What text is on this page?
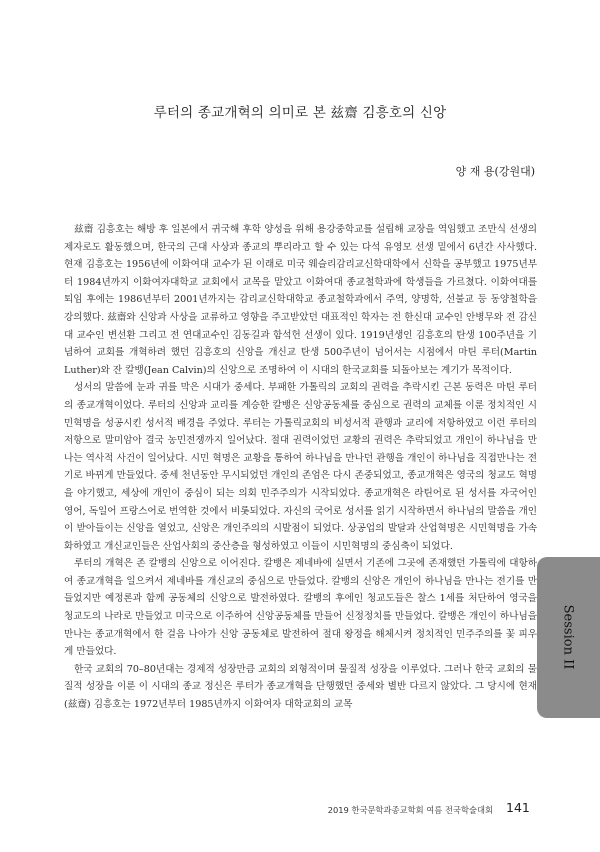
루터의 종교개혁의 의미로 본 兹齋 김흥호의 신앙
양 재 용(강원대)

兹齋 김흥호는 해방 후 일본에서 귀국해 후학 양성을 위해 용강중학교를 설립해 교장을 역임했고 조만식 선생의 제자로도 활동했으며, 한국의 근대 사상과 종교의 뿌리라고 할 수 있는 다석 유영모 선생 밑에서 6년간 사사했다. 현재 김흥호는 1956년에 이화여대 교수가 된 이래로 미국 웨슬리감리교신학대학에서 신학을 공부했고 1975년부터 1984년까지 이화여자대학교 교회에서 교목을 맡았고 이화여대 종교철학과에 학생들을 가르쳤다. 이화여대를 퇴임 후에는 1986년부터 2001년까지는 감리교신학대학교 종교철학과에서 주역, 양명학, 선불교 등 동양철학을 강의했다. 兹齋와 신앙과 사상을 교류하고 영향을 주고받았던 대표적인 학자는 전 한신대 교수인 안병무와 전 감신대 교수인 변선환 그리고 전 연대교수인 김동길과 함석헌 선생이 있다. 1919년생인 김흥호의 탄생 100주년을 기념하여 교회를 개혁하려 했던 김흥호의 신앙을 개신교 탄생 500주년이 넘어서는 시점에서 마틴 루터(Martin Luther)와 잔 칼뱅(Jean Calvin)의 신앙으로 조명하여 이 시대의 한국교회를 되돌아보는 계기가 목적이다.

성서의 말씀에 눈과 귀를 막은 시대가 중세다. 부패한 가톨릭의 교회의 권력을 추락시킨 근본 동력은 마틴 루터의 종교개혁이었다. 루터의 신앙과 교리를 계승한 칼뱅은 신앙공동체를 중심으로 권력의 교체를 이룬 정치적인 시민혁명을 성공시킨 성서적 배경을 주었다. 루터는 가톨릭교회의 비성서적 관행과 교리에 저항하였고 이런 루터의 저항으로 말미암아 결국 농민전쟁까지 일어났다. 절대 권력이었던 교황의 권력은 추락되었고 개인이 하나님을 만나는 역사적 사건이 일어났다. 시민 혁명은 교황을 통하여 하나님을 만나던 관행을 개인이 하나님을 직접만나는 전기로 바뀌게 만들었다. 중세 천년동안 무시되었던 개인의 존엄은 다시 존중되었고, 종교개혁은 영국의 청교도 혁명을 야기했고, 세상에 개인이 중심이 되는 의회 민주주의가 시작되었다. 종교개혁은 라틴어로 된 성서를 자국어인 영어, 독일어 프랑스어로 번역한 것에서 비롯되었다. 자신의 국어로 성서를 읽기 시작하면서 하나님의 말씀을 개인이 받아들이는 신앙을 열었고, 신앙은 개인주의의 시발점이 되었다. 상공업의 발달과 산업혁명은 시민혁명을 가속화하였고 개신교인들은 산업사회의 중산층을 형성하였고 이들이 시민혁명의 중심축이 되었다.

루터의 개혁은 존 칼뱅의 신앙으로 이어진다. 칼뱅은 제네바에 실면서 기존에 그곳에 존재했던 가톨릭에 대항하여 종교개혁을 일으켜서 제네바를 개신교의 중심으로 만들었다. 칼뱅의 신앙은 개인이 하나님을 만나는 전기를 만들었지만 예정론과 함께 공동체의 신앙으로 발전하였다. 칼뱅의 후에인 청교도들은 찰스 1세를 처단하여 영국을 청교도의 나라로 만들었고 미국으로 이주하여 신앙공동체를 만들어 신정정치를 만들었다. 칼뱅은 개인이 하나님을 만나는 종교개혁에서 한 걸음 나아가 신앙 공동체로 발전하여 절대 왕정을 해체시켜 정치적인 민주주의를 꽃 피우게 만들었다.

한국 교회의 70–80년대는 경제적 성장만큼 교회의 외형적이며 물질적 성장을 이루었다. 그러나 한국 교회의 물질적 성장을 이룬 이 시대의 종교 정신은 루터가 종교개혁을 단행했던 중세와 별반 다르지 않았다. 그 당시에 현재(兹齋) 김흥호는 1972년부터 1985년까지 이화여자 대학교회의 교목

Session II
2019 한국문학과종교학회 여름 전국학술대회 141
